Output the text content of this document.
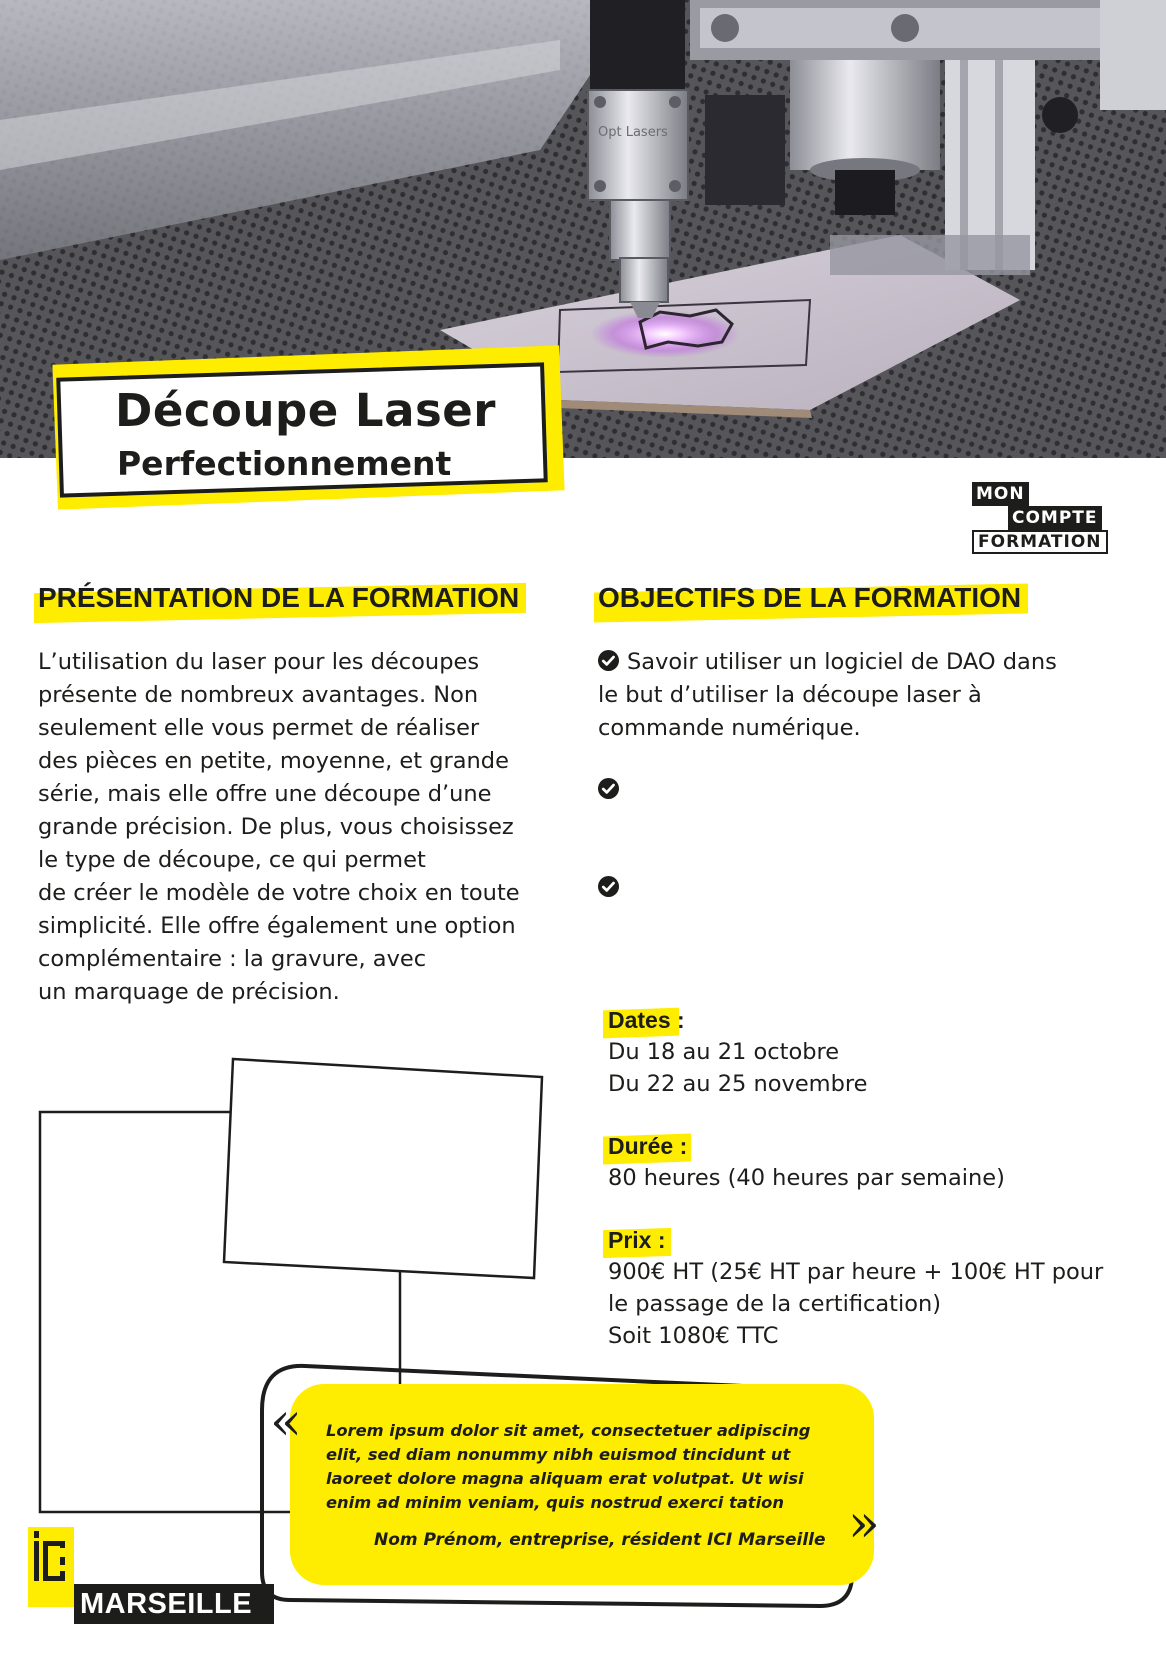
Opt Lasers
Découpe Laser
Perfectionnement
MON
COMPTE
FORMATION
PRÉSENTATION DE LA FORMATION
L’utilisation du laser pour les découpes
présente de nombreux avantages. Non
seulement elle vous permet de réaliser
des pièces en petite, moyenne, et grande
série, mais elle offre une découpe d’une
grande précision. De plus, vous choisissez
le type de découpe, ce qui permet
de créer le modèle de votre choix en toute
simplicité. Elle offre également une option
complémentaire : la gravure, avec
un marquage de précision.
OBJECTIFS DE LA FORMATION
Savoir utiliser un logiciel de DAO dans
le but d’utiliser la découpe laser à
commande numérique.
Dates :
Du 18 au 21 octobre
Du 22 au 25 novembre
Durée :
80 heures (40 heures par semaine)
Prix :
900€ HT (25€ HT par heure + 100€ HT pour
le passage de la certification)
Soit 1080€ TTC
«
»
Lorem ipsum dolor sit amet, consectetuer adipiscing
elit, sed diam nonummy nibh euismod tincidunt ut
laoreet dolore magna aliquam erat volutpat. Ut wisi
enim ad minim veniam, quis nostrud exerci tation
Nom Prénom, entreprise, résident ICI Marseille
MARSEILLE
